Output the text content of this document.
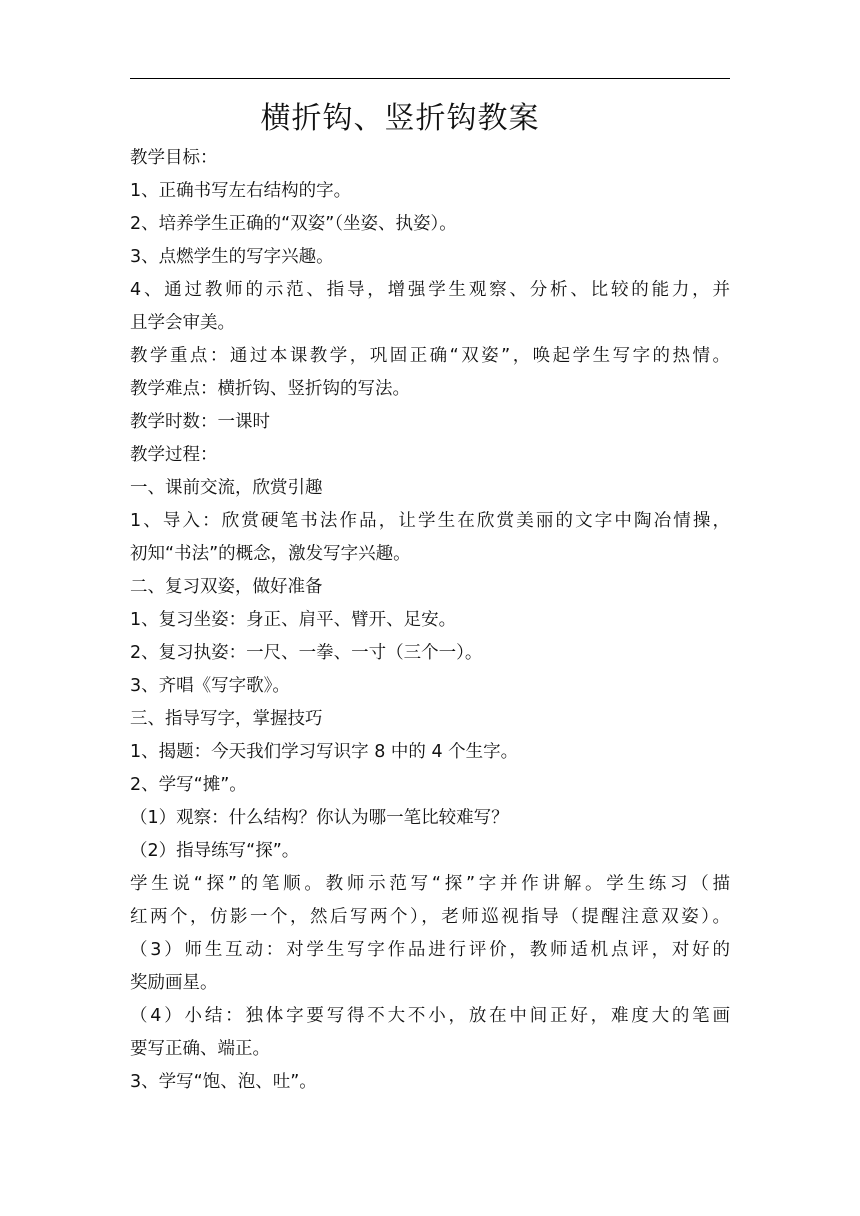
横折钩、竖折钩教案
教学目标：
1、正确书写左右结构的字。
2、培养学生正确的“双姿”（坐姿、执姿）。
3、点燃学生的写字兴趣。
4、通过教师的示范、指导，增强学生观察、分析、比较的能力，并
且学会审美。
教学重点：通过本课教学，巩固正确“双姿”，唤起学生写字的热情。
教学难点：横折钩、竖折钩的写法。
教学时数：一课时
教学过程：
一、课前交流，欣赏引趣
1、导入：欣赏硬笔书法作品，让学生在欣赏美丽的文字中陶冶情操，
初知“书法”的概念，激发写字兴趣。
二、复习双姿，做好准备
1、复习坐姿：身正、肩平、臂开、足安。
2、复习执姿：一尺、一拳、一寸（三个一）。
3、齐唱《写字歌》。
三、指导写字，掌握技巧
1、揭题：今天我们学习写识字 8 中的 4 个生字。
2、学写“摊”。
（1）观察：什么结构？你认为哪一笔比较难写？
（2）指导练写“探”。
学生说“探”的笔顺。教师示范写“探”字并作讲解。学生练习（描
红两个，仿影一个，然后写两个），老师巡视指导（提醒注意双姿）。
（3）师生互动：对学生写字作品进行评价，教师适机点评，对好的
奖励画星。
（4）小结：独体字要写得不大不小，放在中间正好，难度大的笔画
要写正确、端正。
3、学写“饱、泡、吐”。
